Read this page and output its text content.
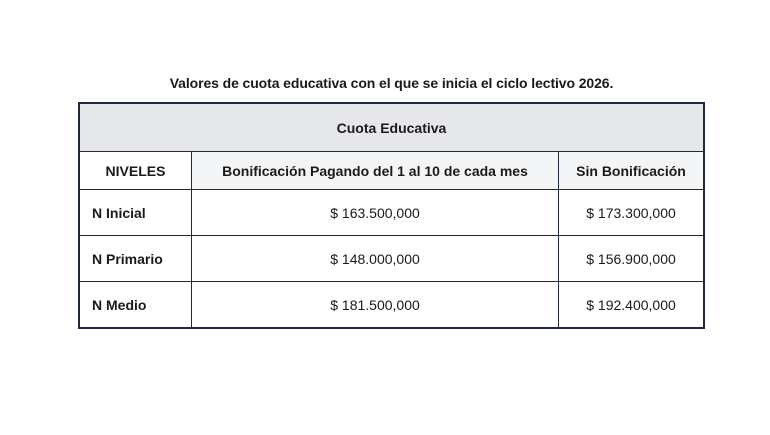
Valores de cuota educativa con el que se inicia el ciclo lectivo 2026.
Cuota Educativa		
NIVELES	Bonificación Pagando del 1 al 10 de cada mes	Sin Bonificación
N Inicial	$ 163.500,000	$ 173.300,000
N Primario	$ 148.000,000	$ 156.900,000
N Medio	$ 181.500,000	$ 192.400,000
